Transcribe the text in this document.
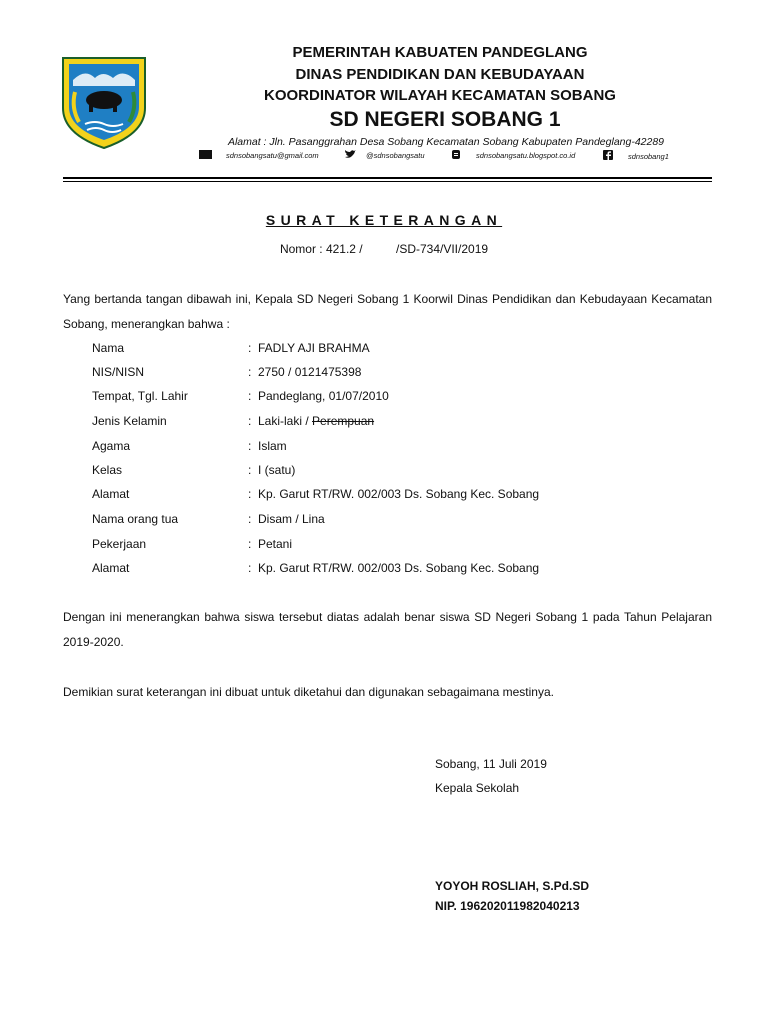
PEMERINTAH KABUATEN PANDEGLANG
DINAS PENDIDIKAN DAN KEBUDAYAAN
KOORDINATOR WILAYAH KECAMATAN SOBANG
SD NEGERI SOBANG 1
Alamat : Jln. Pasanggrahan Desa Sobang Kecamatan Sobang Kabupaten Pandeglang-42289
sdnsobangsatu@gmail.com	@sdnsobangsatu	sdnsobangsatu.blogspot.co.id	sdnsobang1
SURAT KETERANGAN
Nomor : 421.2 /          /SD-734/VII/2019
Yang bertanda tangan dibawah ini, Kepala SD Negeri Sobang 1 Koorwil Dinas Pendidikan dan Kebudayaan Kecamatan Sobang, menerangkan bahwa :
Nama	: FADLY AJI BRAHMA
NIS/NISN	: 2750 / 0121475398
Tempat, Tgl. Lahir	: Pandeglang, 01/07/2010
Jenis Kelamin	: Laki-laki / Perempuan
Agama	: Islam
Kelas	: I (satu)
Alamat	: Kp. Garut RT/RW. 002/003 Ds. Sobang Kec. Sobang
Nama orang tua	: Disam / Lina
Pekerjaan	: Petani
Alamat	: Kp. Garut RT/RW. 002/003 Ds. Sobang Kec. Sobang
Dengan ini menerangkan bahwa siswa tersebut diatas adalah benar siswa SD Negeri Sobang 1 pada Tahun Pelajaran 2019-2020.
Demikian surat keterangan ini dibuat untuk diketahui dan digunakan sebagaimana mestinya.
Sobang, 11 Juli 2019
Kepala Sekolah
YOYOH ROSLIAH, S.Pd.SD
NIP. 196202011982040213
